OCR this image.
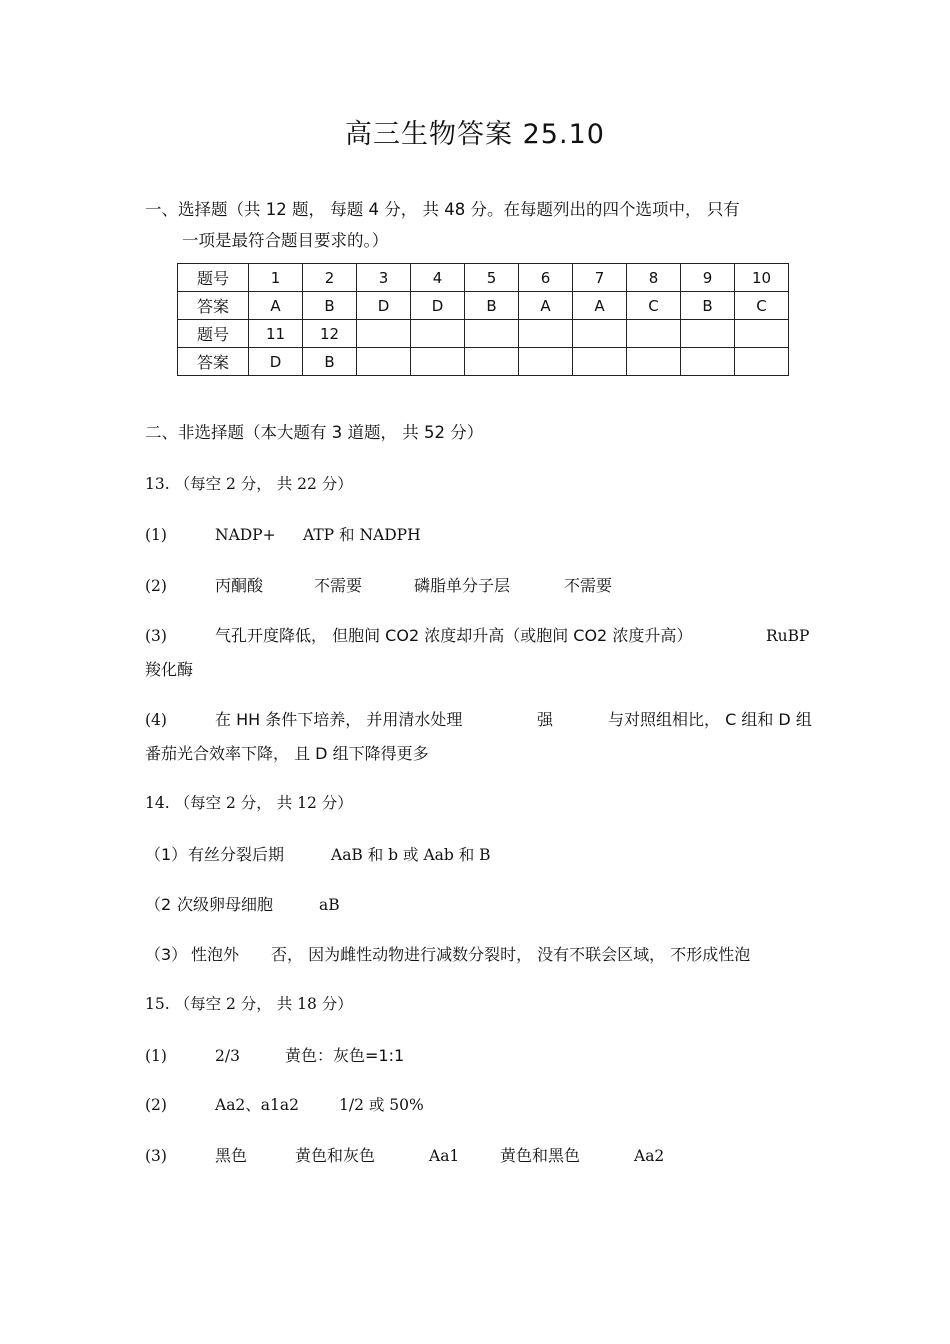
高三生物答案 25.10
一、选择题（共 12 题， 每题 4 分， 共 48 分。在每题列出的四个选项中， 只有
一项是最符合题目要求的。）
题号	1	2	3	4	5	6	7	8	9	10
答案	A	B	D	D	B	A	A	C	B	C
题号	11	12								
答案	D	B								
二、非选择题（本大题有 3 道题， 共 52 分）
13. （每空 2 分， 共 22 分）
(1)	NADP+ ATP 和 NADPH
(2)	丙酮酸	不需要	磷脂单分子层	不需要
(3)	气孔开度降低， 但胞间 CO2 浓度却升高（或胞间 CO2 浓度升高）	RuBP
羧化酶
(4)	在 HH 条件下培养， 并用清水处理	强	与对照组相比， C 组和 D 组
番茄光合效率下降， 且 D 组下降得更多
14. （每空 2 分， 共 12 分）
（1）有丝分裂后期	AaB 和 b 或 Aab 和 B
（2 次级卵母细胞	aB
（3） 性泡外 否， 因为雌性动物进行减数分裂时， 没有不联会区域， 不形成性泡
15. （每空 2 分， 共 18 分）
(1)	2/3	黄色：灰色=1:1
(2)	Aa2、a1a2	1/2 或 50%
(3)	黑色	黄色和灰色	Aa1	黄色和黑色	Aa2
